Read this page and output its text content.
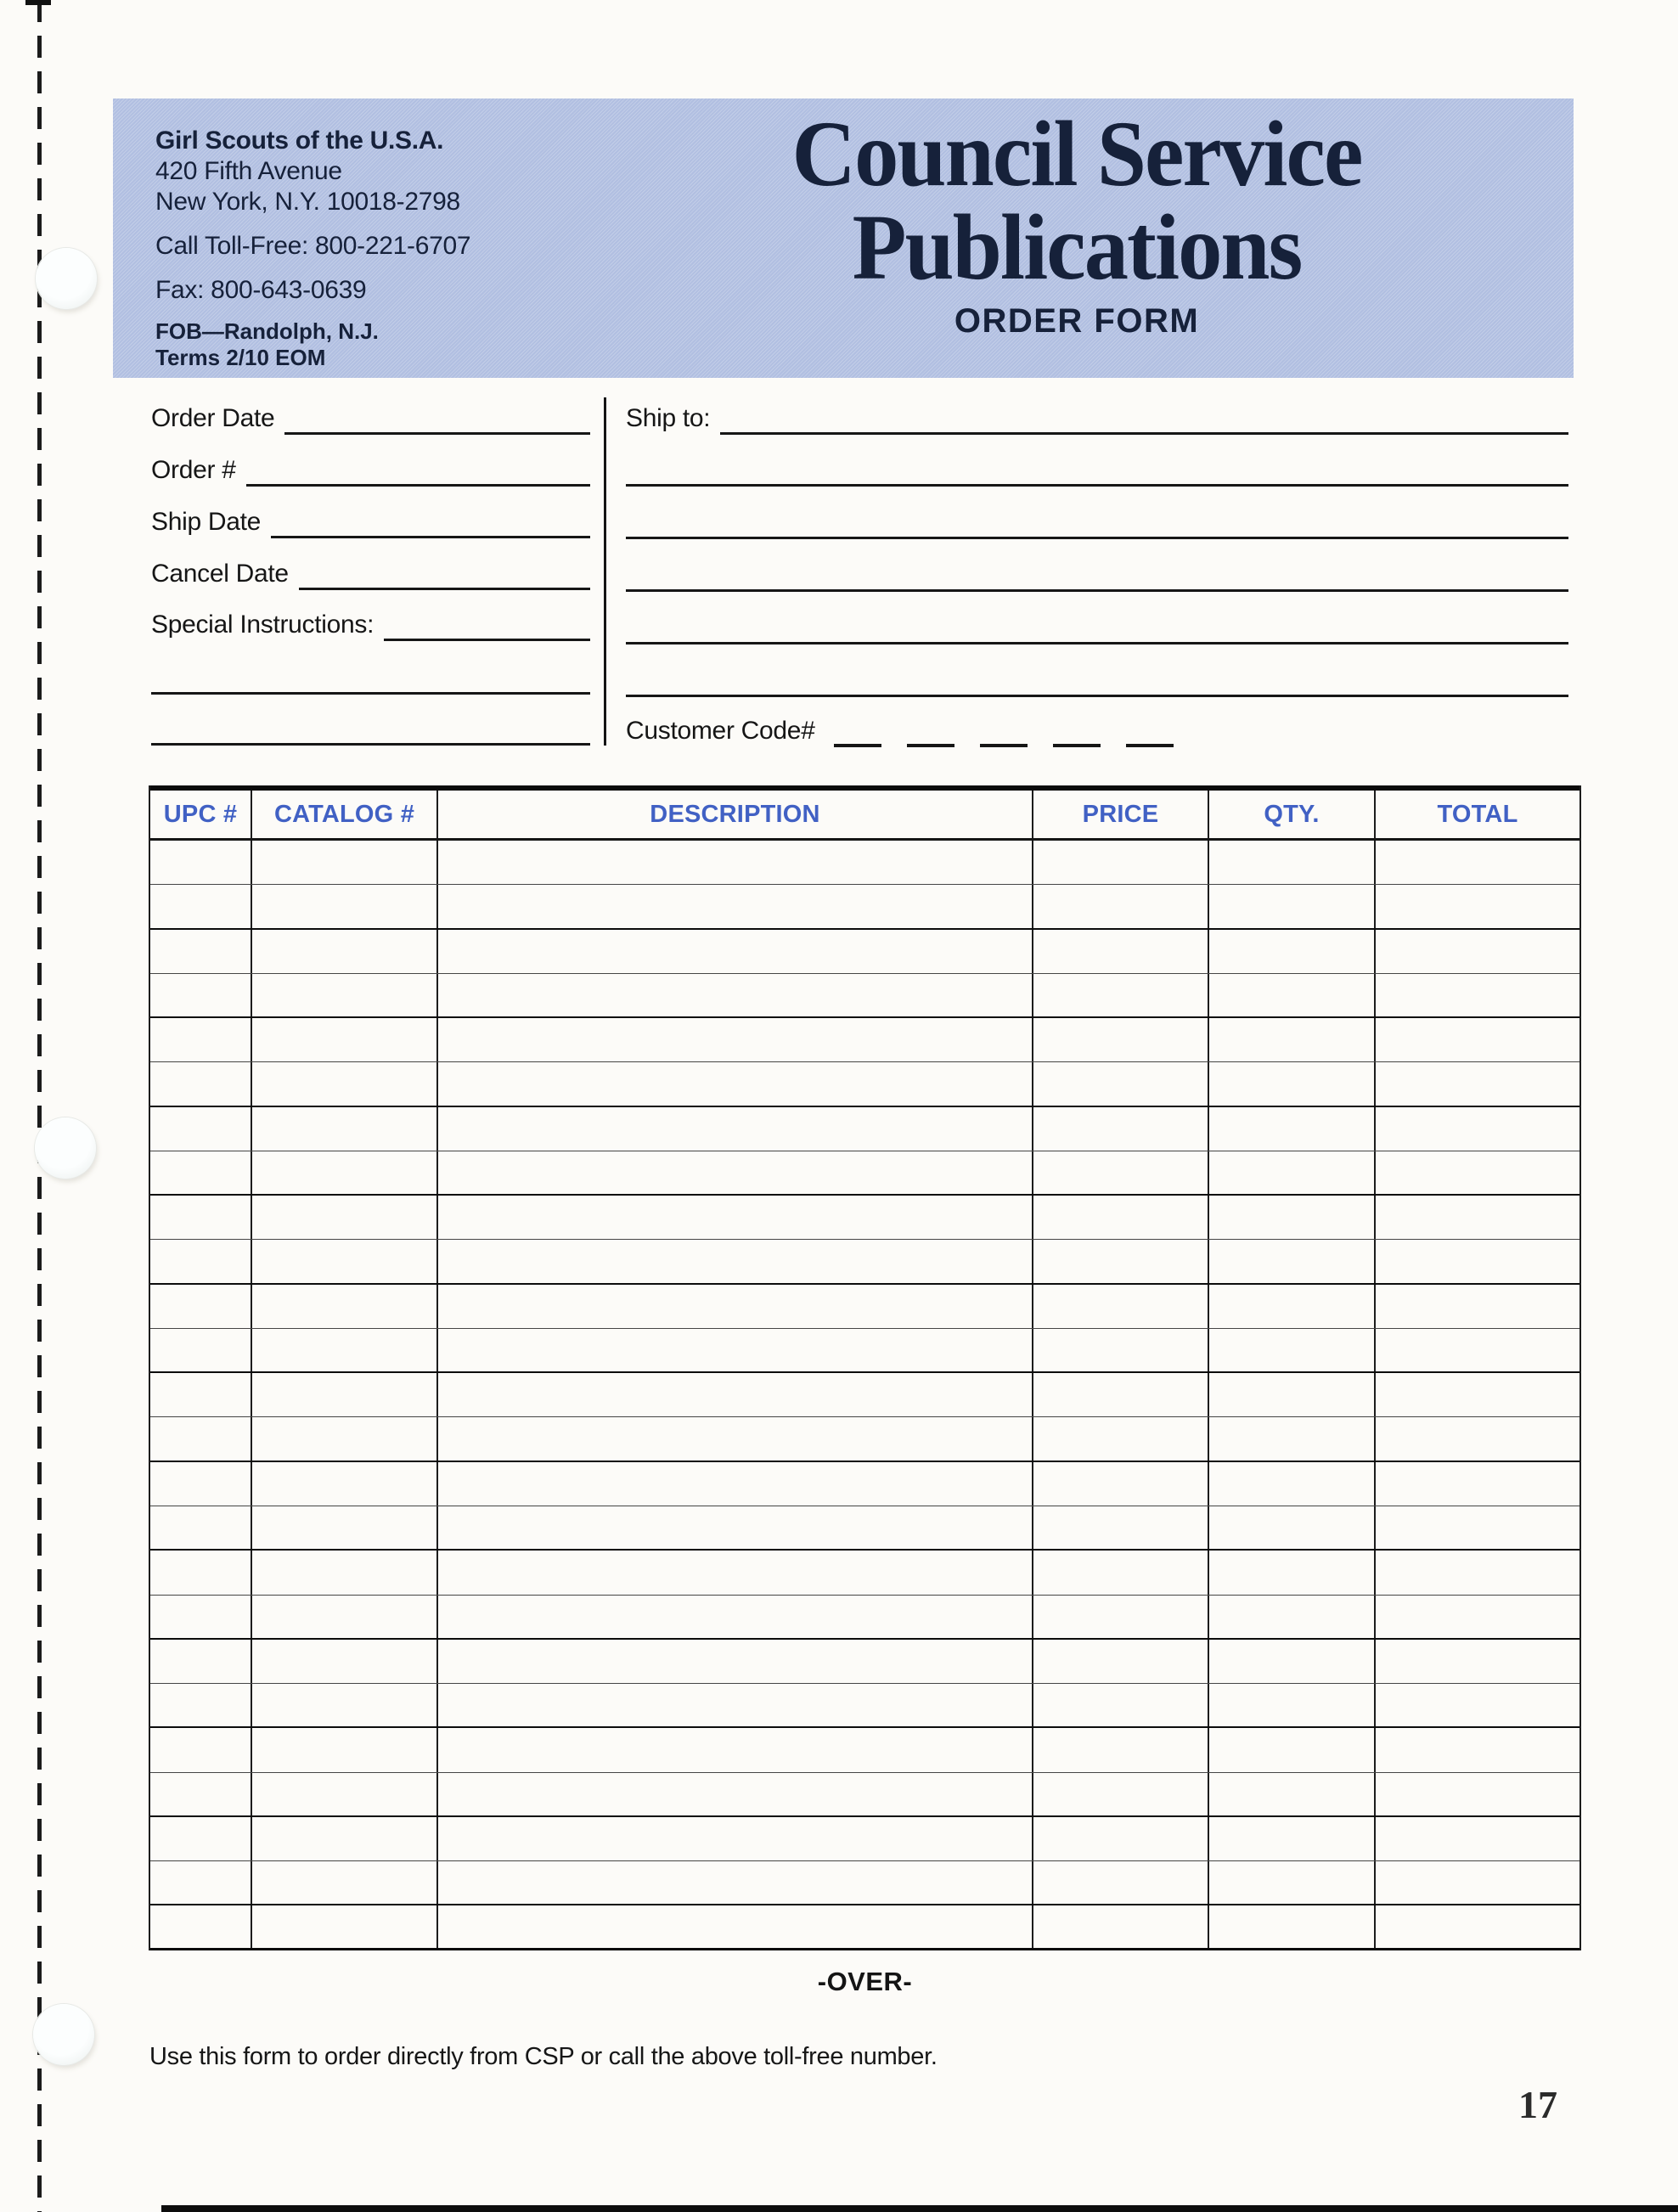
Girl Scouts of the U.S.A.
420 Fifth Avenue
New York, N.Y. 10018-2798
Call Toll-Free: 800-221-6707
Fax: 800-643-0639
FOB—Randolph, N.J.
Terms 2/10 EOM
Council Service
Publications
ORDER FORM
Order Date
Order #
Ship Date
Cancel Date
Special Instructions:
Ship to:
Customer Code#
UPC #	CATALOG #	DESCRIPTION	PRICE	QTY.	TOTAL
-OVER-
Use this form to order directly from CSP or call the above toll-free number.
17
